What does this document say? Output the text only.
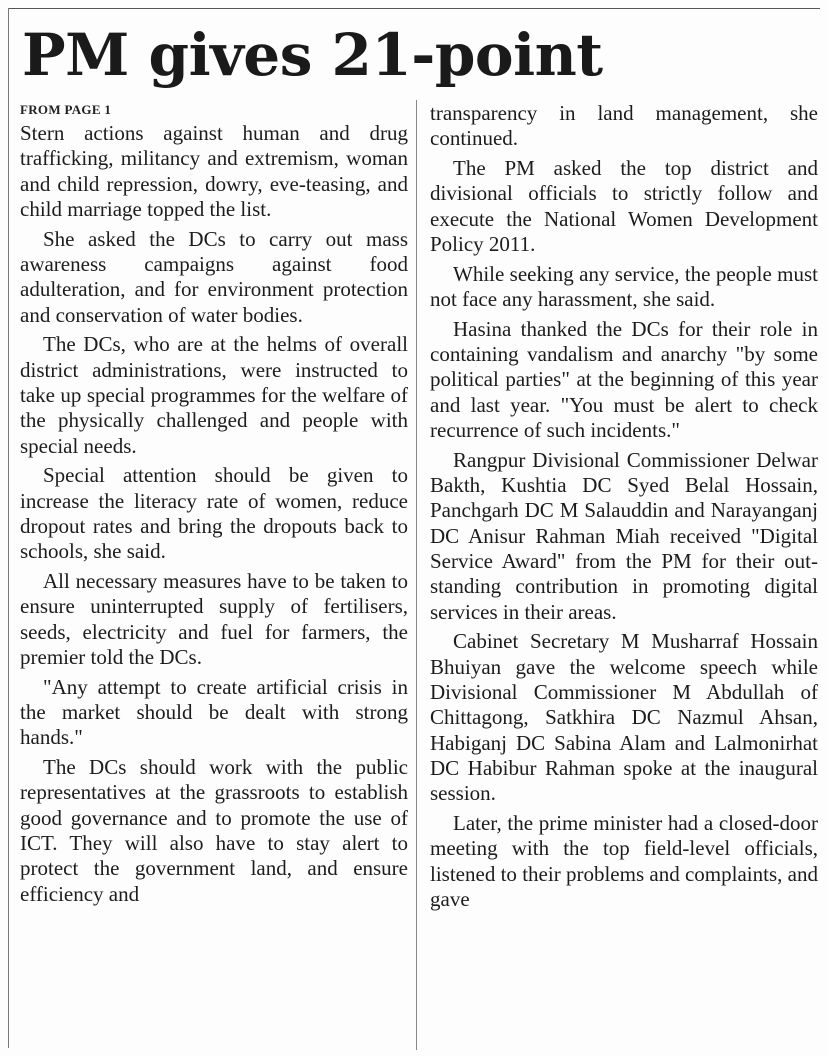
PM gives 21-point
FROM PAGE 1

Stern actions against human and drug trafficking, militancy and extremism, woman and child repression, dowry, eve-teasing, and child marriage topped the list.

She asked the DCs to carry out mass awareness campaigns against food adulteration, and for environment protection and conservation of water bodies.

The DCs, who are at the helms of overall district administrations, were instructed to take up special programmes for the welfare of the physically challenged and people with special needs.

Special attention should be given to increase the literacy rate of women, reduce dropout rates and bring the dropouts back to schools, she said.

All necessary measures have to be taken to ensure uninterrupted supply of fertilisers, seeds, electricity and fuel for farmers, the premier told the DCs.

"Any attempt to create artificial crisis in the market should be dealt with strong hands."

The DCs should work with the public representatives at the grassroots to establish good governance and to promote the use of ICT. They will also have to stay alert to protect the government land, and ensure efficiency and

transparency in land management, she continued.

The PM asked the top district and divisional officials to strictly follow and execute the National Women Development Policy 2011.

While seeking any service, the people must not face any harassment, she said.

Hasina thanked the DCs for their role in containing vandalism and anarchy "by some political parties" at the beginning of this year and last year. "You must be alert to check recurrence of such incidents."

Rangpur Divisional Commissioner Delwar Bakth, Kushtia DC Syed Belal Hossain, Panchgarh DC M Salauddin and Narayanganj DC Anisur Rahman Miah received "Digital Service Award" from the PM for their outstanding contribution in promoting digital services in their areas.

Cabinet Secretary M Musharraf Hossain Bhuiyan gave the welcome speech while Divisional Commissioner M Abdullah of Chittagong, Satkhira DC Nazmul Ahsan, Habiganj DC Sabina Alam and Lalmonirhat DC Habibur Rahman spoke at the inaugural session.

Later, the prime minister had a closed-door meeting with the top field-level officials, listened to their problems and complaints, and gave
